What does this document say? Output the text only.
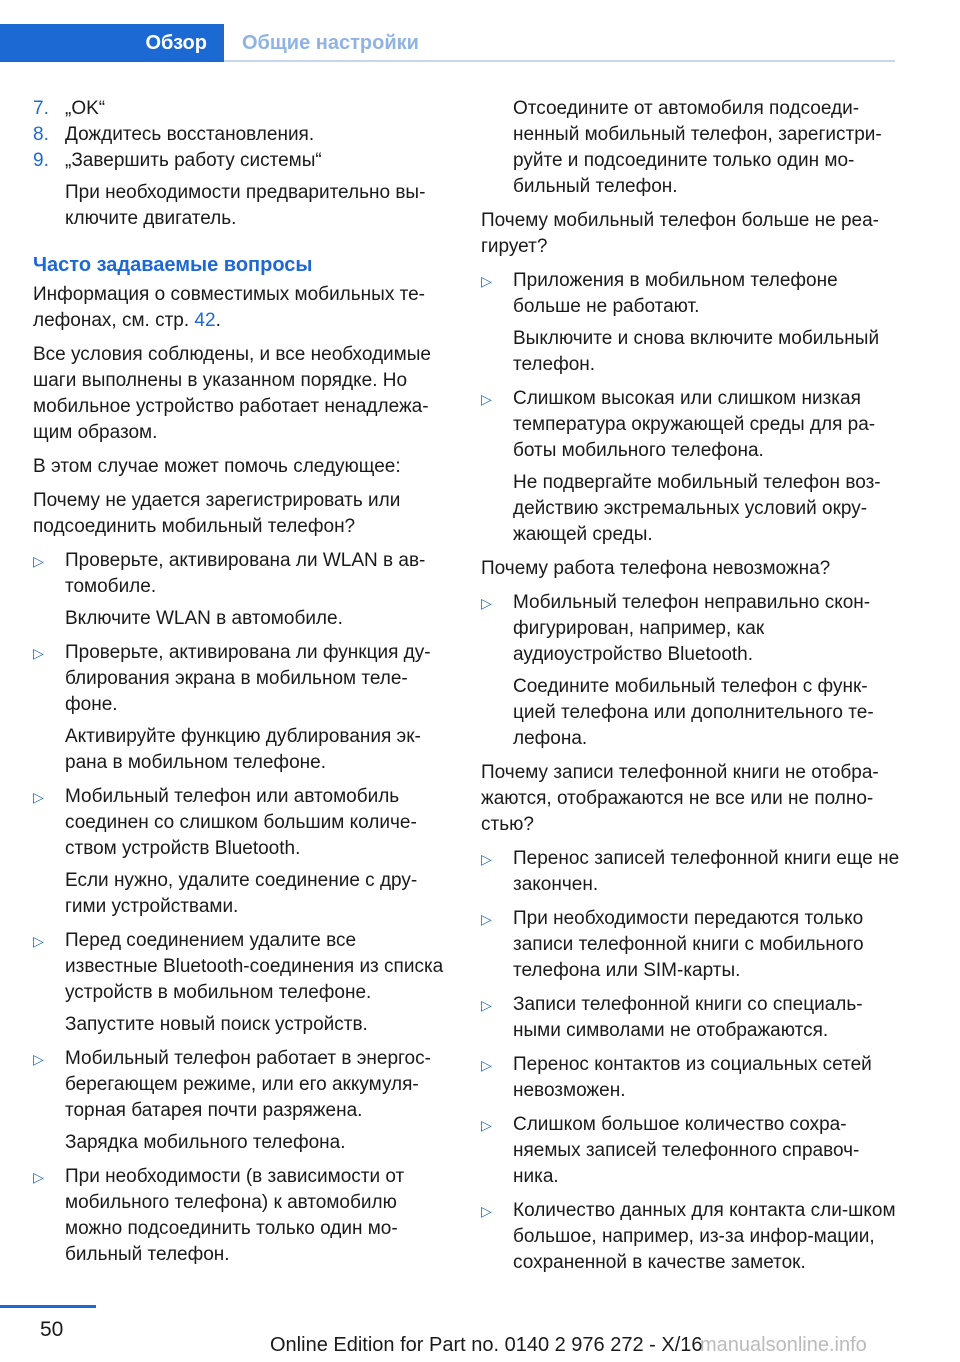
Обзор	Общие настройки
7. „OK“
8. Дождитесь восстановления.
9. „Завершить работу системы“
При необходимости предварительно вы-ключите двигатель.
Часто задаваемые вопросы

Информация о совместимых мобильных те-лефонах, см. стр. 42.

Все условия соблюдены, и все необходимые шаги выполнены в указанном порядке. Но мобильное устройство работает ненадлежа-щим образом.

В этом случае может помочь следующее:

Почему не удается зарегистрировать или подсоединить мобильный телефон?

▷	Проверьте, активирована ли WLAN в ав-томобиле.
Включите WLAN в автомобиле.
▷	Проверьте, активирована ли функция ду-блирования экрана в мобильном теле-фоне.
Активируйте функцию дублирования эк-рана в мобильном телефоне.
▷	Мобильный телефон или автомобиль соединен со слишком большим количе-ством устройств Bluetooth.
Если нужно, удалите соединение с дру-гими устройствами.
▷	Перед соединением удалите все известные Bluetooth-соединения из списка устройств в мобильном телефоне.
Запустите новый поиск устройств.
▷	Мобильный телефон работает в энергос-берегающем режиме, или его аккумуля-торная батарея почти разряжена.
Зарядка мобильного телефона.
▷	При необходимости (в зависимости от мобильного телефона) к автомобилю можно подсоединить только один мо-бильный телефон.
Отсоедините от автомобиля подсоеди-ненный мобильный телефон, зарегистри-руйте и подсоедините только один мо-бильный телефон.

Почему мобильный телефон больше не реа-гирует?

▷	Приложения в мобильном телефоне больше не работают.
Выключите и снова включите мобильный телефон.
▷	Слишком высокая или слишком низкая температура окружающей среды для ра-боты мобильного телефона.
Не подвергайте мобильный телефон воз-действию экстремальных условий окру-жающей среды.

Почему работа телефона невозможна?

▷	Мобильный телефон неправильно скон-фигурирован, например, как аудиоустройство Bluetooth.
Соедините мобильный телефон с функ-цией телефона или дополнительного те-лефона.

Почему записи телефонной книги не отобра-жаются, отображаются не все или не полно-стью?

▷	Перенос записей телефонной книги еще не закончен.
▷	При необходимости передаются только записи телефонной книги с мобильного телефона или SIM-карты.
▷	Записи телефонной книги со специаль-ными символами не отображаются.
▷	Перенос контактов из социальных сетей невозможен.
▷	Слишком большое количество сохра-няемых записей телефонного справоч-ника.
▷	Количество данных для контакта сли-шком большое, например, из-за инфор-мации, сохраненной в качестве заметок.
50
Online Edition for Part no. 0140 2 976 272 - X/16
manualsonline.info
